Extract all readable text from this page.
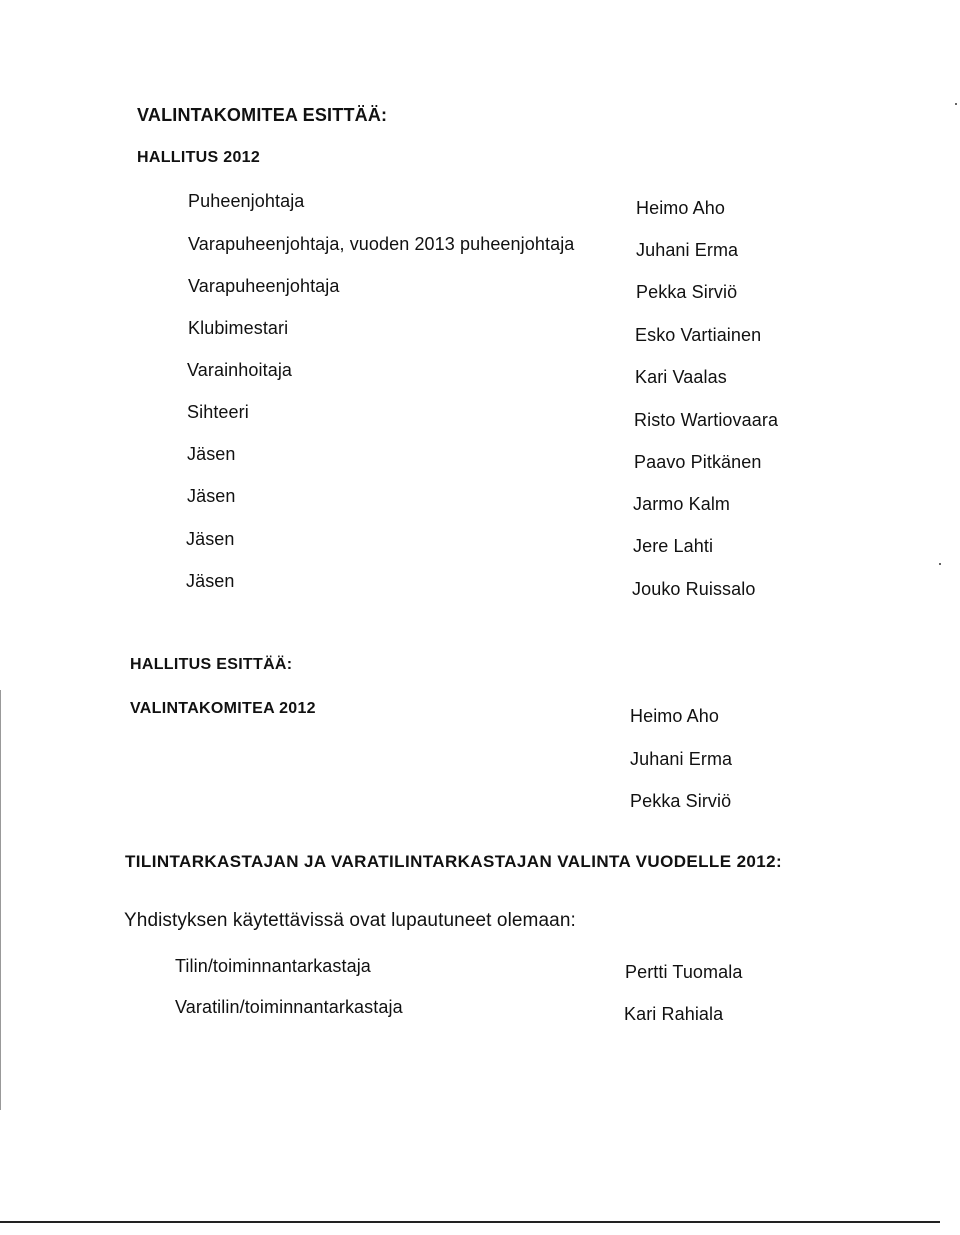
VALINTAKOMITEA ESITTÄÄ:
HALLITUS 2012
Puheenjohtaja	Heimo Aho
Varapuheenjohtaja, vuoden 2013 puheenjohtaja	Juhani Erma
Varapuheenjohtaja	Pekka Sirviö
Klubimestari	Esko Vartiainen
Varainhoitaja	Kari Vaalas
Sihteeri	Risto Wartiovaara
Jäsen	Paavo Pitkänen
Jäsen	Jarmo Kalm
Jäsen	Jere Lahti
Jäsen	Jouko Ruissalo
HALLITUS ESITTÄÄ:
VALINTAKOMITEA 2012	Heimo Aho
Juhani Erma
Pekka Sirviö
TILINTARKASTAJAN JA VARATILINTARKASTAJAN VALINTA VUODELLE 2012:
Yhdistyksen käytettävissä ovat lupautuneet olemaan:
Tilin/toiminnantarkastaja	Pertti Tuomala
Varatilin/toiminnantarkastaja	Kari Rahiala
